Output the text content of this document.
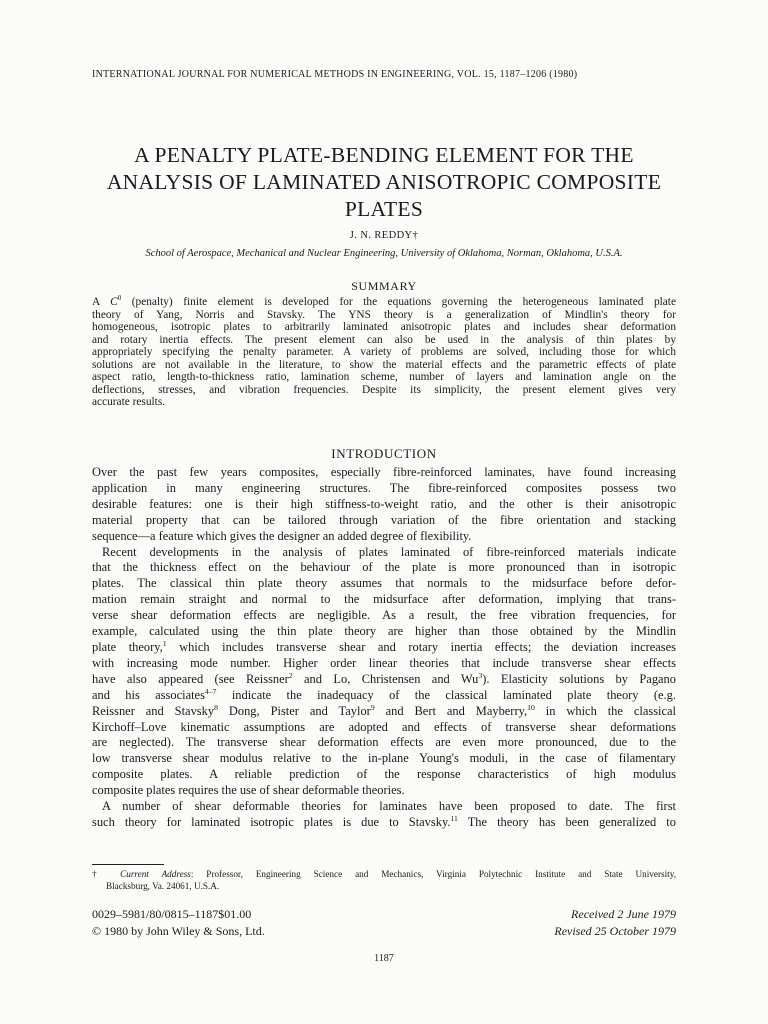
INTERNATIONAL JOURNAL FOR NUMERICAL METHODS IN ENGINEERING, VOL. 15, 1187–1206 (1980)
A PENALTY PLATE-BENDING ELEMENT FOR THE
ANALYSIS OF LAMINATED ANISOTROPIC COMPOSITE
PLATES
J. N. REDDY†
School of Aerospace, Mechanical and Nuclear Engineering, University of Oklahoma, Norman, Oklahoma, U.S.A.
SUMMARY
A $C^0$ (penalty) finite element is developed for the equations governing the heterogeneous laminated plate
theory of Yang, Norris and Stavsky. The YNS theory is a generalization of Mindlin's theory for
homogeneous, isotropic plates to arbitrarily laminated anisotropic plates and includes shear deformation
and rotary inertia effects. The present element can also be used in the analysis of thin plates by
appropriately specifying the penalty parameter. A variety of problems are solved, including those for which
solutions are not available in the literature, to show the material effects and the parametric effects of plate
aspect ratio, length-to-thickness ratio, lamination scheme, number of layers and lamination angle on the
deflections, stresses, and vibration frequencies. Despite its simplicity, the present element gives very
accurate results.
INTRODUCTION
Over the past few years composites, especially fibre-reinforced laminates, have found increasing
application in many engineering structures. The fibre-reinforced composites possess two
desirable features: one is their high stiffness-to-weight ratio, and the other is their anisotropic
material property that can be tailored through variation of the fibre orientation and stacking
sequence—a feature which gives the designer an added degree of flexibility.
Recent developments in the analysis of plates laminated of fibre-reinforced materials indicate
that the thickness effect on the behaviour of the plate is more pronounced than in isotropic
plates. The classical thin plate theory assumes that normals to the midsurface before defor-
mation remain straight and normal to the midsurface after deformation, implying that trans-
verse shear deformation effects are negligible. As a result, the free vibration frequencies, for
example, calculated using the thin plate theory are higher than those obtained by the Mindlin
plate theory,$^1$ which includes transverse shear and rotary inertia effects; the deviation increases
with increasing mode number. Higher order linear theories that include transverse shear effects
have also appeared (see Reissner$^2$ and Lo, Christensen and Wu$^3$). Elasticity solutions by Pagano
and his associates$^{4-7}$ indicate the inadequacy of the classical laminated plate theory (e.g.
Reissner and Stavsky$^8$ Dong, Pister and Taylor$^9$ and Bert and Mayberry,$^{10}$ in which the classical
Kirchoff–Love kinematic assumptions are adopted and effects of transverse shear deformations
are neglected). The transverse shear deformation effects are even more pronounced, due to the
low transverse shear modulus relative to the in-plane Young's moduli, in the case of filamentary
composite plates. A reliable prediction of the response characteristics of high modulus
composite plates requires the use of shear deformable theories.
A number of shear deformable theories for laminates have been proposed to date. The first
such theory for laminated isotropic plates is due to Stavsky.$^{11}$ The theory has been generalized to
† Current Address: Professor, Engineering Science and Mechanics, Virginia Polytechnic Institute and State University,
Blacksburg, Va. 24061, U.S.A.
0029–5981/80/0815–1187$01.00
© 1980 by John Wiley & Sons, Ltd.
Received 2 June 1979
Revised 25 October 1979
1187
